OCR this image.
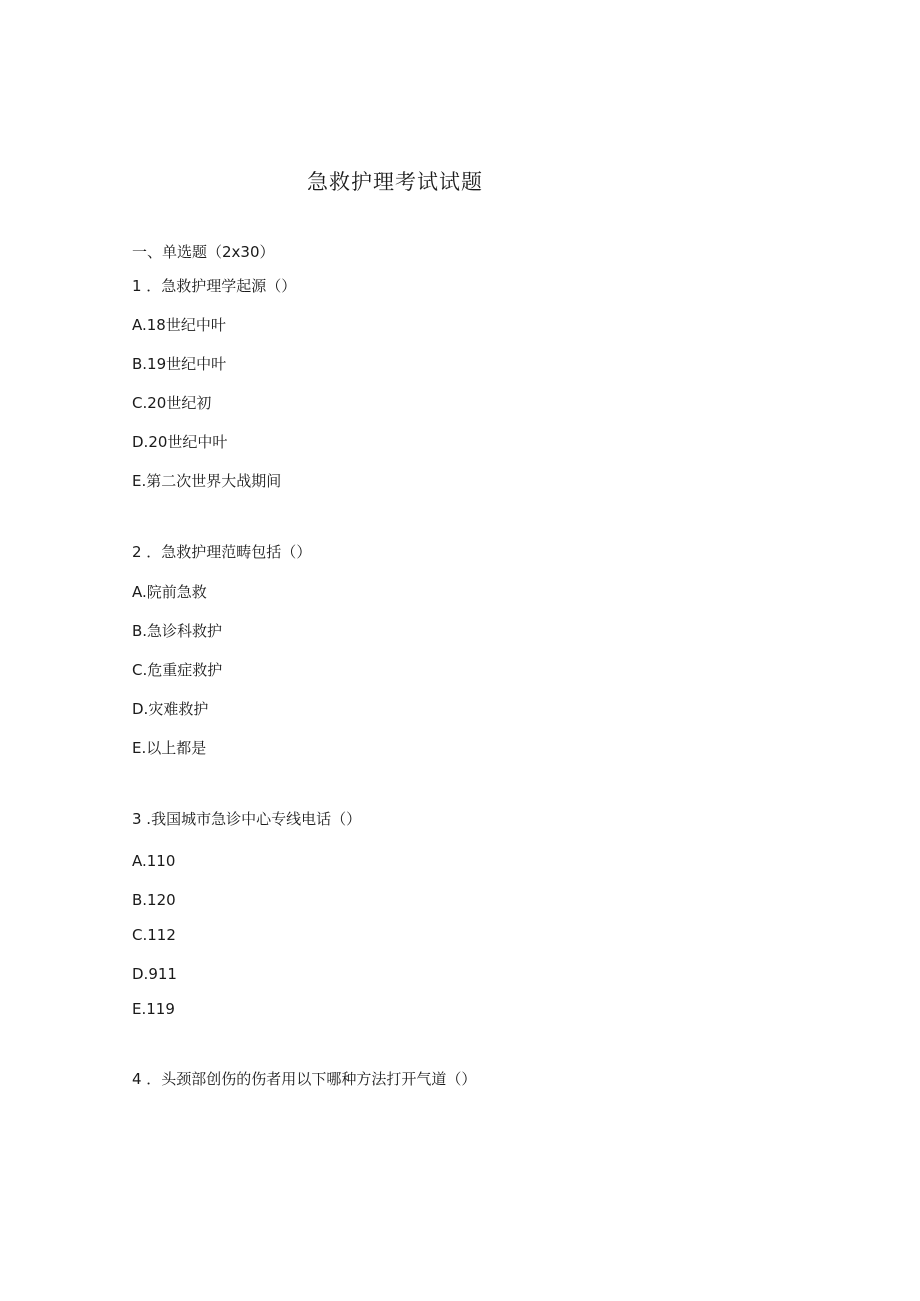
急救护理考试试题
一、单选题（2x30）
1 ．急救护理学起源（）
A.18世纪中叶
B.19世纪中叶
C.20世纪初
D.20世纪中叶
E.第二次世界大战期间
2 ．急救护理范畴包括（）
A.院前急救
B.急诊科救护
C.危重症救护
D.灾难救护
E.以上都是
3 .我国城市急诊中心专线电话（）
A.110
B.120
C.112
D.911
E.119
4 ．头颈部创伤的伤者用以下哪种方法打开气道（）
